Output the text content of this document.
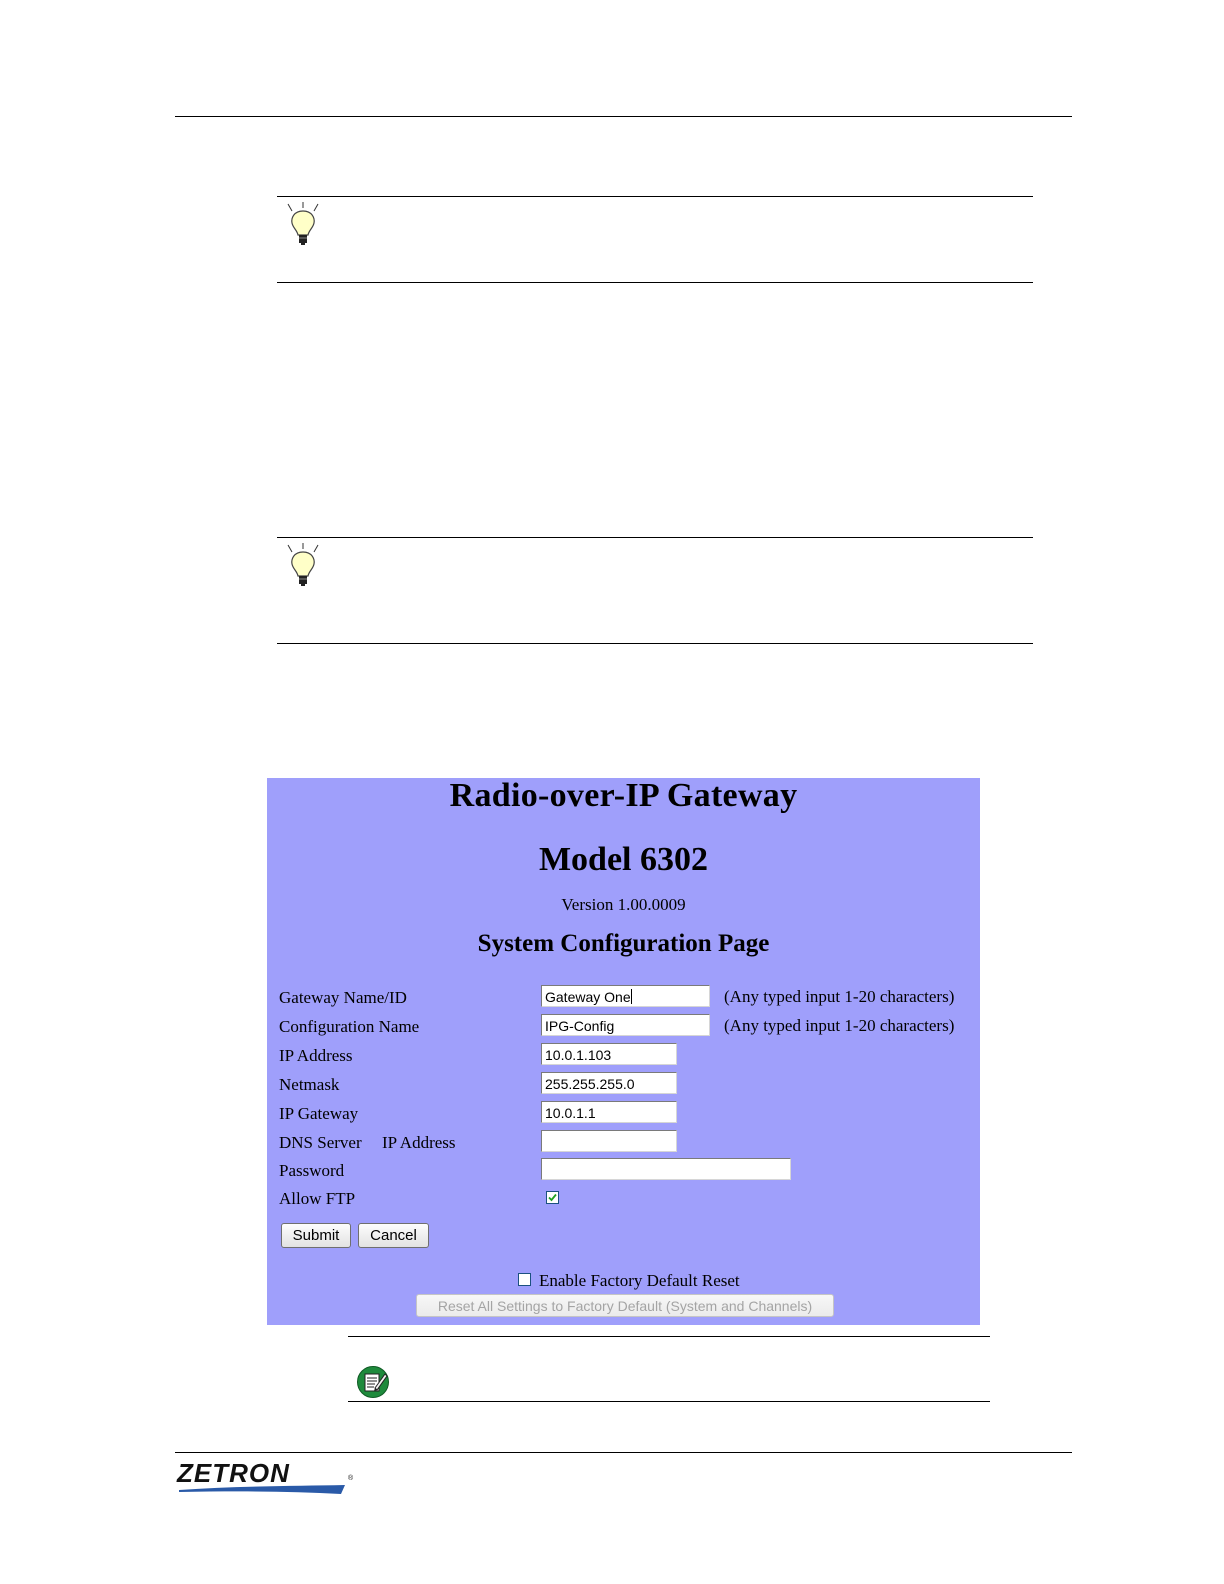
Radio-over-IP Gateway
Model 6302
Version 1.00.0009
System Configuration Page
Gateway Name/ID	Gateway One	(Any typed input 1-20 characters)
Configuration Name	IPG-Config	(Any typed input 1-20 characters)
IP Address	10.0.1.103
Netmask	255.255.255.0
IP Gateway	10.0.1.1
DNS Server IP Address
Password
Allow FTP
Submit	Cancel
Enable Factory Default Reset
Reset All Settings to Factory Default (System and Channels)
ZETRON	®
